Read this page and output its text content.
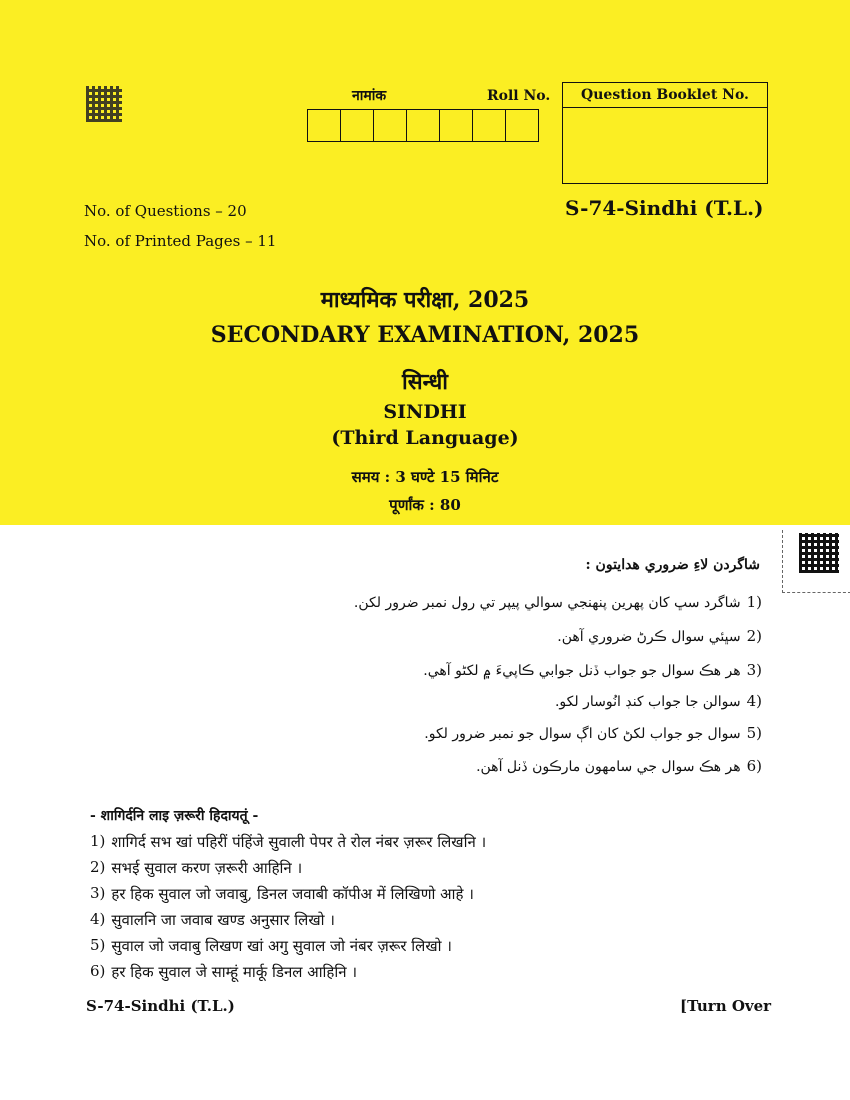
नामांक	Roll No.	Question Booklet No.
No. of Questions – 20
No. of Printed Pages – 11
S-74-Sindhi (T.L.)
माध्यमिक परीक्षा, 2025
SECONDARY EXAMINATION, 2025
सिन्धी
SINDHI
(Third Language)
समय : 3 घण्टे 15 मिनिट
पूर्णांक : 80
شاگردن لاءِ ضروري هدايتون :
1)
شاگرد سڀ کان پهرين پنهنجي سوالي پيپر تي رول نمبر ضرور لکن.
2)
سڀئي سوال ڪرڻ ضروري آهن.
3)
هر هڪ سوال جو جواب ڏنل جوابي ڪاپيءَ ۾ لکڻو آهي.
4)
سوالن جا جواب کنڊ انُوسار لکو.
5)
سوال جو جواب لکڻ کان اڳ سوال جو نمبر ضرور لکو.
6)
هر هڪ سوال جي سامهون مارڪون ڏنل آهن.
- शागिर्दनि लाइ ज़रूरी हिदायतूं -
1) शागिर्द सभ खां पहिरीं पंहिंजे सुवाली पेपर ते रोल नंबर ज़रूर लिखनि ।
2) सभई सुवाल करण ज़रूरी आहिनि ।
3) हर हिक सुवाल जो जवाबु, डिनल जवाबी कॉपीअ में लिखिणो आहे ।
4) सुवालनि जा जवाब खण्ड अनुसार लिखो ।
5) सुवाल जो जवाबु लिखण खां अगु सुवाल जो नंबर ज़रूर लिखो ।
6) हर हिक सुवाल जे साम्हूं मार्कू डिनल आहिनि ।
S-74-Sindhi (T.L.)	[Turn Over
